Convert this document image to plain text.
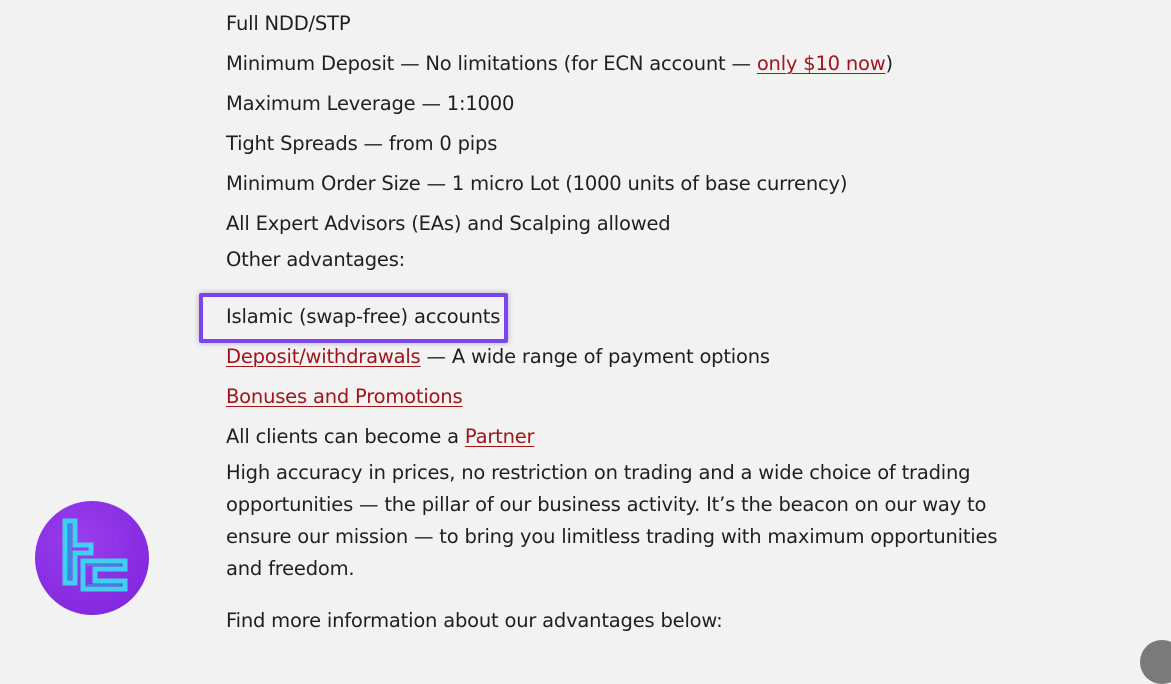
Full NDD/STP
Minimum Deposit — No limitations (for ECN account — only $10 now)
Maximum Leverage — 1:1000
Tight Spreads — from 0 pips
Minimum Order Size — 1 micro Lot (1000 units of base currency)
All Expert Advisors (EAs) and Scalping allowed
Other advantages:
Islamic (swap-free) accounts
Deposit/withdrawals — A wide range of payment options
Bonuses and Promotions
All clients can become a Partner
High accuracy in prices, no restriction on trading and a wide choice of trading opportunities — the pillar of our business activity. It’s the beacon on our way to ensure our mission — to bring you limitless trading with maximum opportunities and freedom.
Find more information about our advantages below:
